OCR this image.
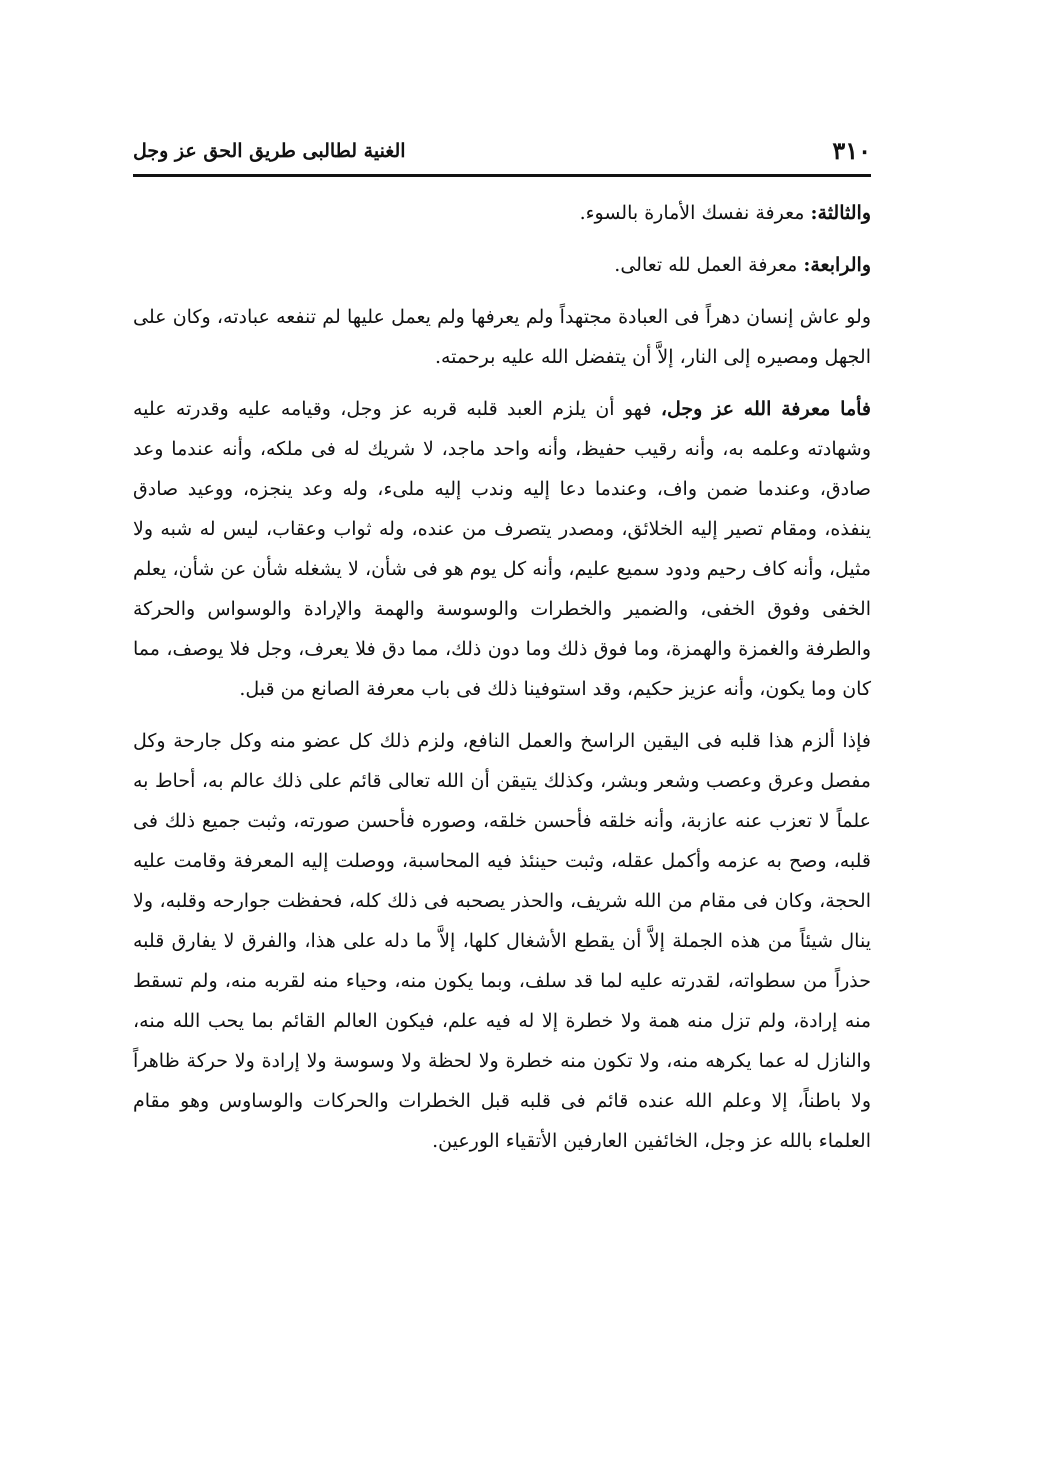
٣١٠
الغنية لطالبى طريق الحق عز وجل
والثالثة: معرفة نفسك الأمارة بالسوء.
والرابعة: معرفة العمل لله تعالى.

ولو عاش إنسان دهراً فى العبادة مجتهداً ولم يعرفها ولم يعمل عليها لم تنفعه عبادته، وكان على الجهل ومصيره إلى النار، إلاَّ أن يتفضل الله عليه برحمته.

فأما معرفة الله عز وجل، فهو أن يلزم العبد قلبه قربه عز وجل، وقيامه عليه وقدرته عليه وشهادته وعلمه به، وأنه رقيب حفيظ، وأنه واحد ماجد، لا شريك له فى ملكه، وأنه عندما وعد صادق، وعندما ضمن واف، وعندما دعا إليه وندب إليه ملىء، وله وعد ينجزه، ووعيد صادق ينفذه، ومقام تصير إليه الخلائق، ومصدر يتصرف من عنده، وله ثواب وعقاب، ليس له شبه ولا مثيل، وأنه كاف رحيم ودود سميع عليم، وأنه كل يوم هو فى شأن، لا يشغله شأن عن شأن، يعلم الخفى وفوق الخفى، والضمير والخطرات والوسوسة والهمة والإرادة والوسواس والحركة والطرفة والغمزة والهمزة، وما فوق ذلك وما دون ذلك، مما دق فلا يعرف، وجل فلا يوصف، مما كان وما يكون، وأنه عزيز حكيم، وقد استوفينا ذلك فى باب معرفة الصانع من قبل.

فإذا ألزم هذا قلبه فى اليقين الراسخ والعمل النافع، ولزم ذلك كل عضو منه وكل جارحة وكل مفصل وعرق وعصب وشعر وبشر، وكذلك يتيقن أن الله تعالى قائم على ذلك عالم به، أحاط به علماً لا تعزب عنه عازبة، وأنه خلقه فأحسن خلقه، وصوره فأحسن صورته، وثبت جميع ذلك فى قلبه، وصح به عزمه وأكمل عقله، وثبت حينئذ فيه المحاسبة، ووصلت إليه المعرفة وقامت عليه الحجة، وكان فى مقام من الله شريف، والحذر يصحبه فى ذلك كله، فحفظت جوارحه وقلبه، ولا ينال شيئاً من هذه الجملة إلاَّ أن يقطع الأشغال كلها، إلاَّ ما دله على هذا، والفرق لا يفارق قلبه حذراً من سطواته، لقدرته عليه لما قد سلف، وبما يكون منه، وحياء منه لقربه منه، ولم تسقط منه إرادة، ولم تزل منه همة ولا خطرة إلا له فيه علم، فيكون العالم القائم بما يحب الله منه، والنازل له عما يكرهه منه، ولا تكون منه خطرة ولا لحظة ولا وسوسة ولا إرادة ولا حركة ظاهراً ولا باطناً، إلا وعلم الله عنده قائم فى قلبه قبل الخطرات والحركات والوساوس وهو مقام العلماء بالله عز وجل، الخائفين العارفين الأتقياء الورعين.
